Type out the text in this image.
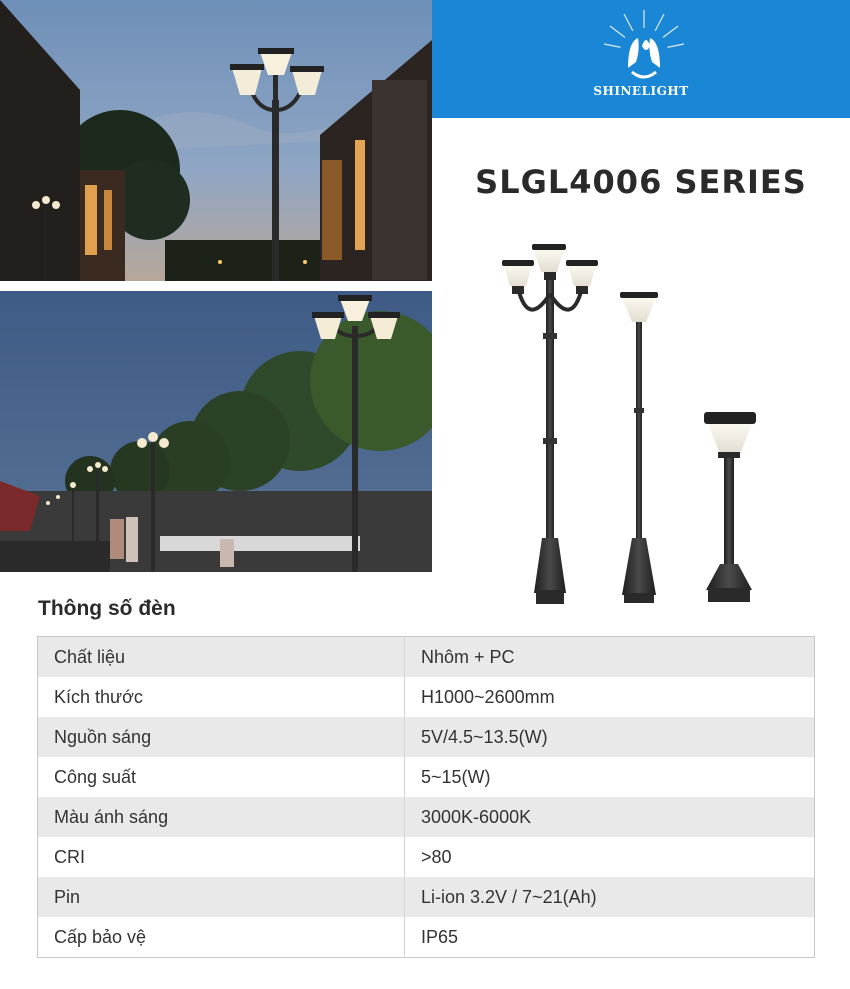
SHINELIGHT
SLGL4006 SERIES
Thông số đèn
Chất liệu	Nhôm + PC
Kích thước	H1000~2600mm
Nguồn sáng	5V/4.5~13.5(W)
Công suất	5~15(W)
Màu ánh sáng	3000K-6000K
CRI	>80
Pin	Li-ion 3.2V / 7~21(Ah)
Cấp bảo vệ	IP65
